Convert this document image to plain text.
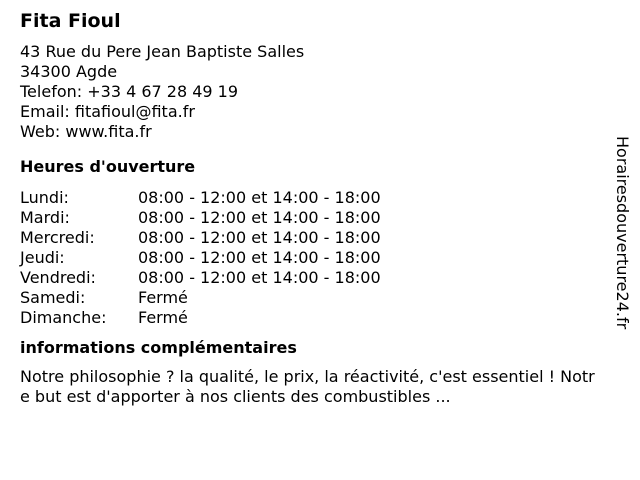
Fita Fioul
43 Rue du Pere Jean Baptiste Salles
34300 Agde
Telefon: +33 4 67 28 49 19
Email: fitafioul@fita.fr
Web: www.fita.fr
Heures d'ouverture
Lundi:	08:00 - 12:00 et 14:00 - 18:00
Mardi:	08:00 - 12:00 et 14:00 - 18:00
Mercredi:	08:00 - 12:00 et 14:00 - 18:00
Jeudi:	08:00 - 12:00 et 14:00 - 18:00
Vendredi:	08:00 - 12:00 et 14:00 - 18:00
Samedi:	Fermé
Dimanche:	Fermé
informations complémentaires
Notre philosophie ? la qualité, le prix, la réactivité, c'est essentiel ! Notre but est d'apporter à nos clients des combustibles ...
Horairesdouverture24.fr
